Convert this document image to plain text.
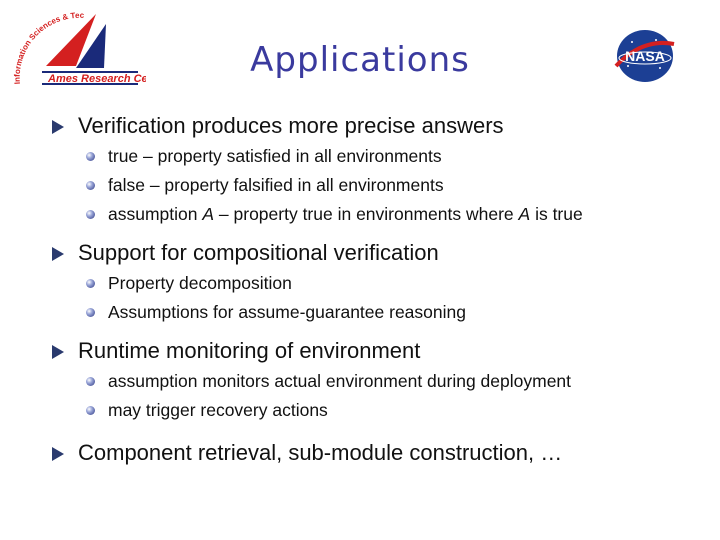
Information Sciences & Tec
Ames Research C	Applications	NASA
Verification produces more precise answers
true – property satisfied in all environments
false – property falsified in all environments
assumption A – property true in environments where A is true
Support for compositional verification
Property decomposition
Assumptions for assume-guarantee reasoning
Runtime monitoring of environment
assumption monitors actual environment during deployment
may trigger recovery actions
Component retrieval, sub-module construction, …
